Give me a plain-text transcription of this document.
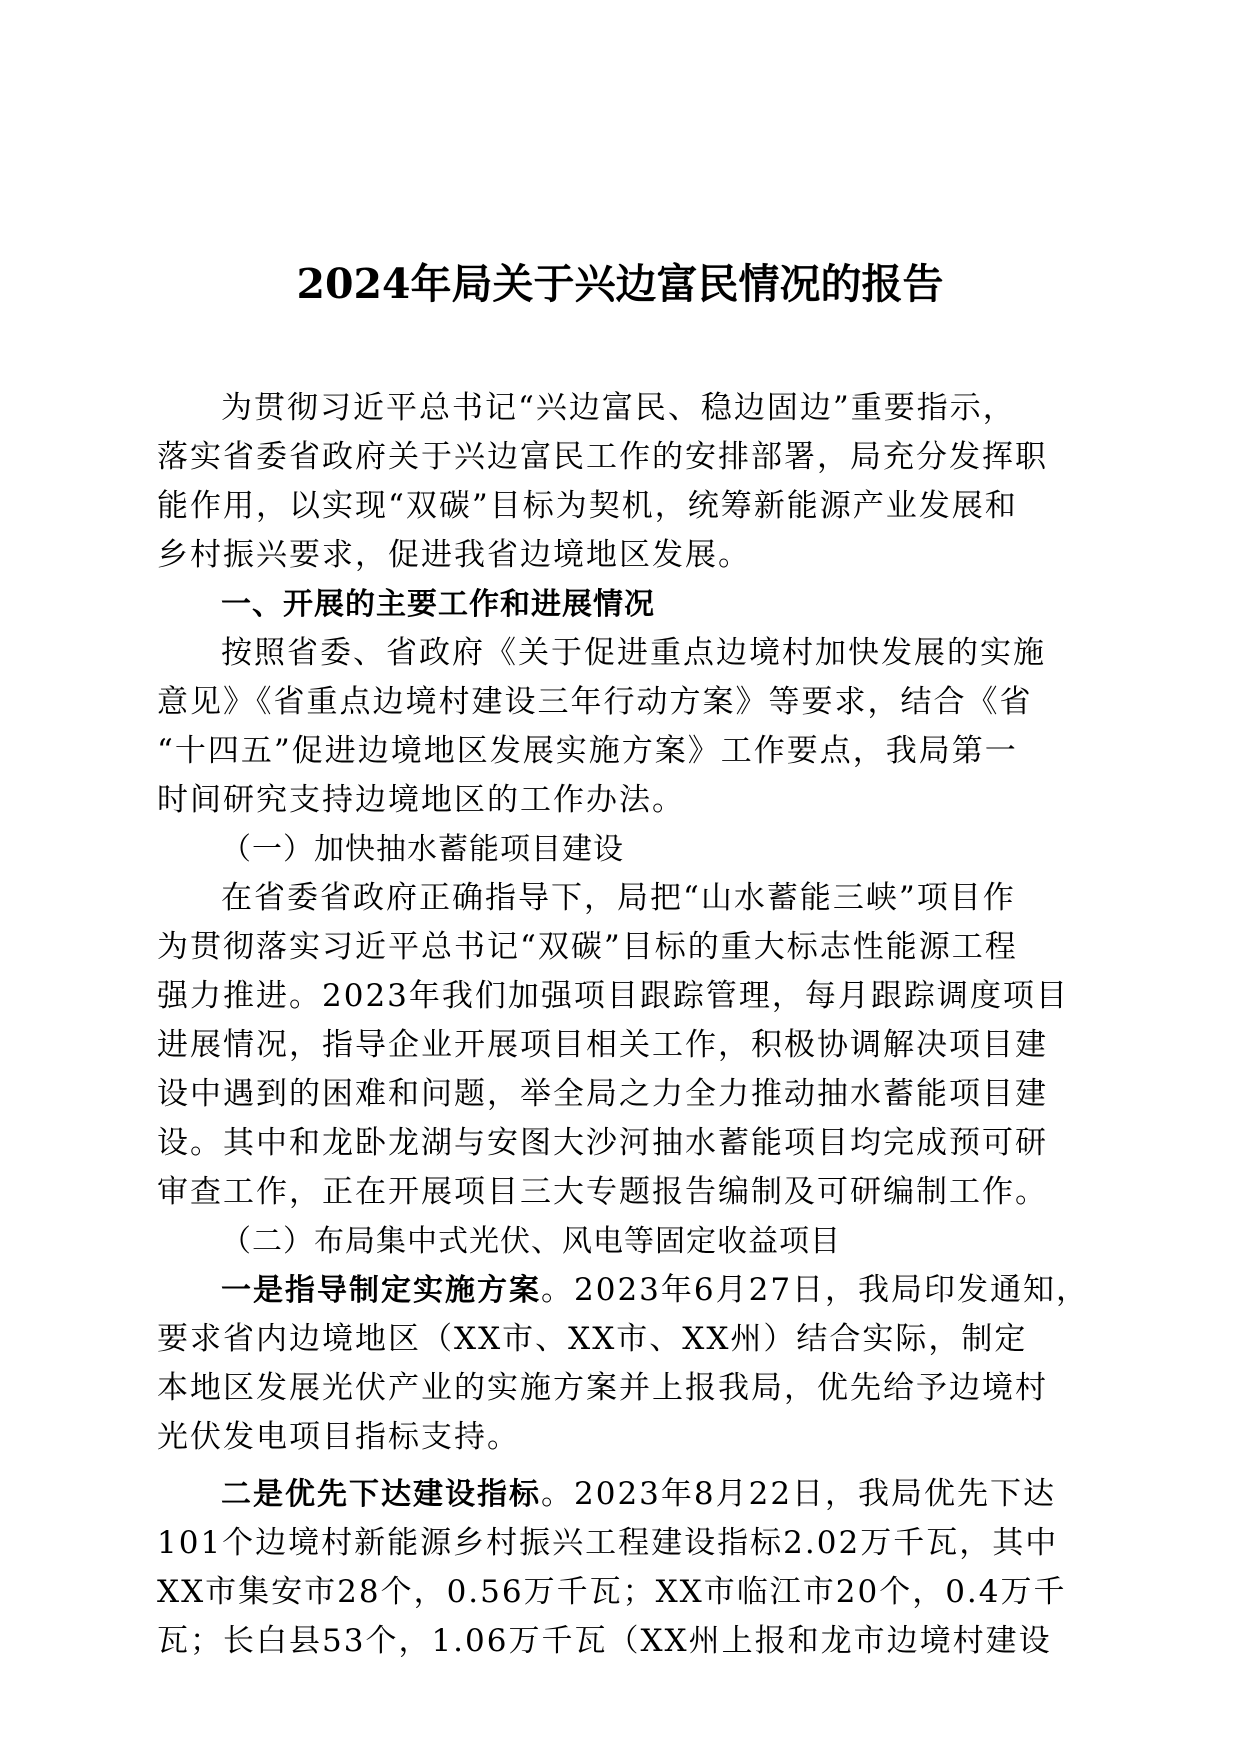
2024年局关于兴边富民情况的报告
为贯彻习近平总书记“兴边富民、稳边固边”重要指示，
落实省委省政府关于兴边富民工作的安排部署，局充分发挥职
能作用，以实现“双碳”目标为契机，统筹新能源产业发展和
乡村振兴要求，促进我省边境地区发展。
一、开展的主要工作和进展情况
按照省委、省政府《关于促进重点边境村加快发展的实施
意见》《省重点边境村建设三年行动方案》等要求，结合《省
“十四五”促进边境地区发展实施方案》工作要点，我局第一
时间研究支持边境地区的工作办法。
（一）加快抽水蓄能项目建设
在省委省政府正确指导下，局把“山水蓄能三峡”项目作
为贯彻落实习近平总书记“双碳”目标的重大标志性能源工程
强力推进。2023年我们加强项目跟踪管理，每月跟踪调度项目
进展情况，指导企业开展项目相关工作，积极协调解决项目建
设中遇到的困难和问题，举全局之力全力推动抽水蓄能项目建
设。其中和龙卧龙湖与安图大沙河抽水蓄能项目均完成预可研
审查工作，正在开展项目三大专题报告编制及可研编制工作。
（二）布局集中式光伏、风电等固定收益项目
一是指导制定实施方案。2023年6月27日，我局印发通知，
要求省内边境地区（XX市、XX市、XX州）结合实际，制定
本地区发展光伏产业的实施方案并上报我局，优先给予边境村
光伏发电项目指标支持。
二是优先下达建设指标。2023年8月22日，我局优先下达
101个边境村新能源乡村振兴工程建设指标2.02万千瓦，其中
XX市集安市28个，0.56万千瓦；XX市临江市20个，0.4万千
瓦；长白县53个，1.06万千瓦（XX州上报和龙市边境村建设
